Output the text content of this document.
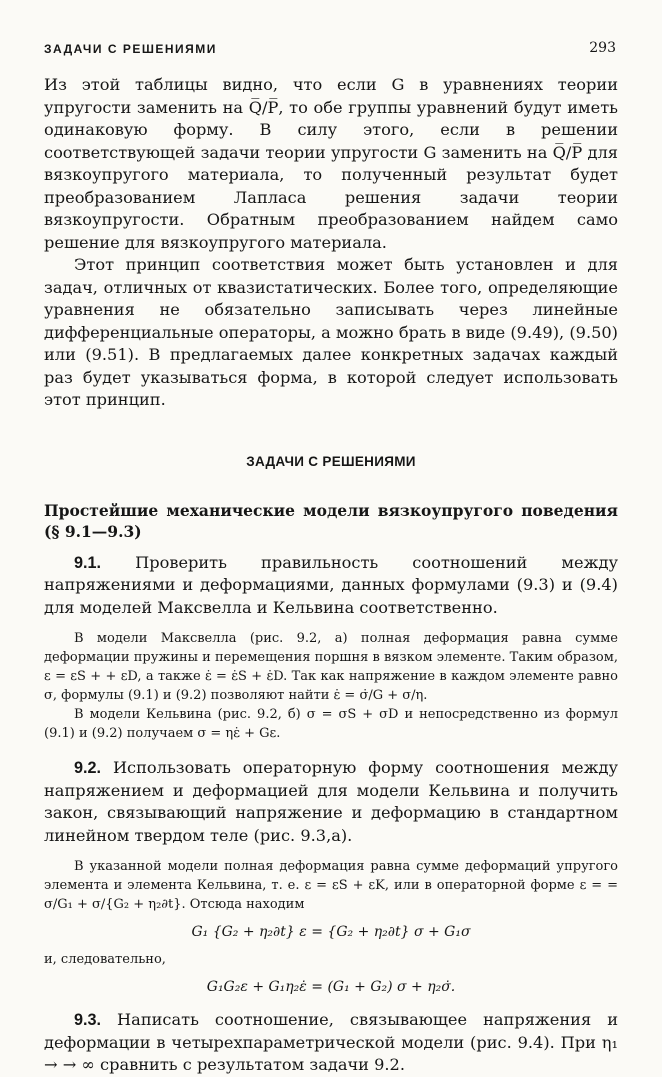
ЗАДАЧИ С РЕШЕНИЯМИ	293

Из этой таблицы видно, что если G в уравнениях теории упругости заменить на Q̅/P̅, то обе группы уравнений будут иметь одинаковую форму. В силу этого, если в решении соответствующей задачи теории упругости G заменить на Q̅/P̅ для вязкоупругого материала, то полученный результат будет преобразованием Лапласа решения задачи теории вязкоупругости. Обратным преобразованием найдем само решение для вязкоупругого материала.

Этот принцип соответствия может быть установлен и для задач, отличных от квазистатических. Более того, определяющие уравнения не обязательно записывать через линейные дифференциальные операторы, а можно брать в виде (9.49), (9.50) или (9.51). В предлагаемых далее конкретных задачах каждый раз будет указываться форма, в которой следует использовать этот принцип.

ЗАДАЧИ С РЕШЕНИЯМИ

Простейшие механические модели вязкоупругого поведения (§ 9.1—9.3)

9.1. Проверить правильность соотношений между напряжениями и деформациями, данных формулами (9.3) и (9.4) для моделей Максвелла и Кельвина соответственно.

В модели Максвелла (рис. 9.2, а) полная деформация равна сумме деформации пружины и перемещения поршня в вязком элементе. Таким образом, ε = εS + + εD, а также ε̇ = ε̇S + ε̇D. Так как напряжение в каждом элементе равно σ, формулы (9.1) и (9.2) позволяют найти ε̇ = σ̇/G + σ/η.

В модели Кельвина (рис. 9.2, б) σ = σS + σD и непосредственно из формул (9.1) и (9.2) получаем σ = ηε̇ + Gε.

9.2. Использовать операторную форму соотношения между напряжением и деформацией для модели Кельвина и получить закон, связывающий напряжение и деформацию в стандартном линейном твердом теле (рис. 9.3,а).

В указанной модели полная деформация равна сумме деформаций упругого элемента и элемента Кельвина, т. е. ε = εS + εK, или в операторной форме ε = = σ/G₁ + σ/{G₂ + η₂∂t}. Отсюда находим

G₁ {G₂ + η₂∂t} ε = {G₂ + η₂∂t} σ + G₁σ
и, следовательно,
G₁G₂ε + G₁η₂ε̇ = (G₁ + G₂) σ + η₂σ̇.

9.3. Написать соотношение, связывающее напряжения и деформации в четырехпараметрической модели (рис. 9.4). При η₁ → → ∞ сравнить с результатом задачи 9.2.
